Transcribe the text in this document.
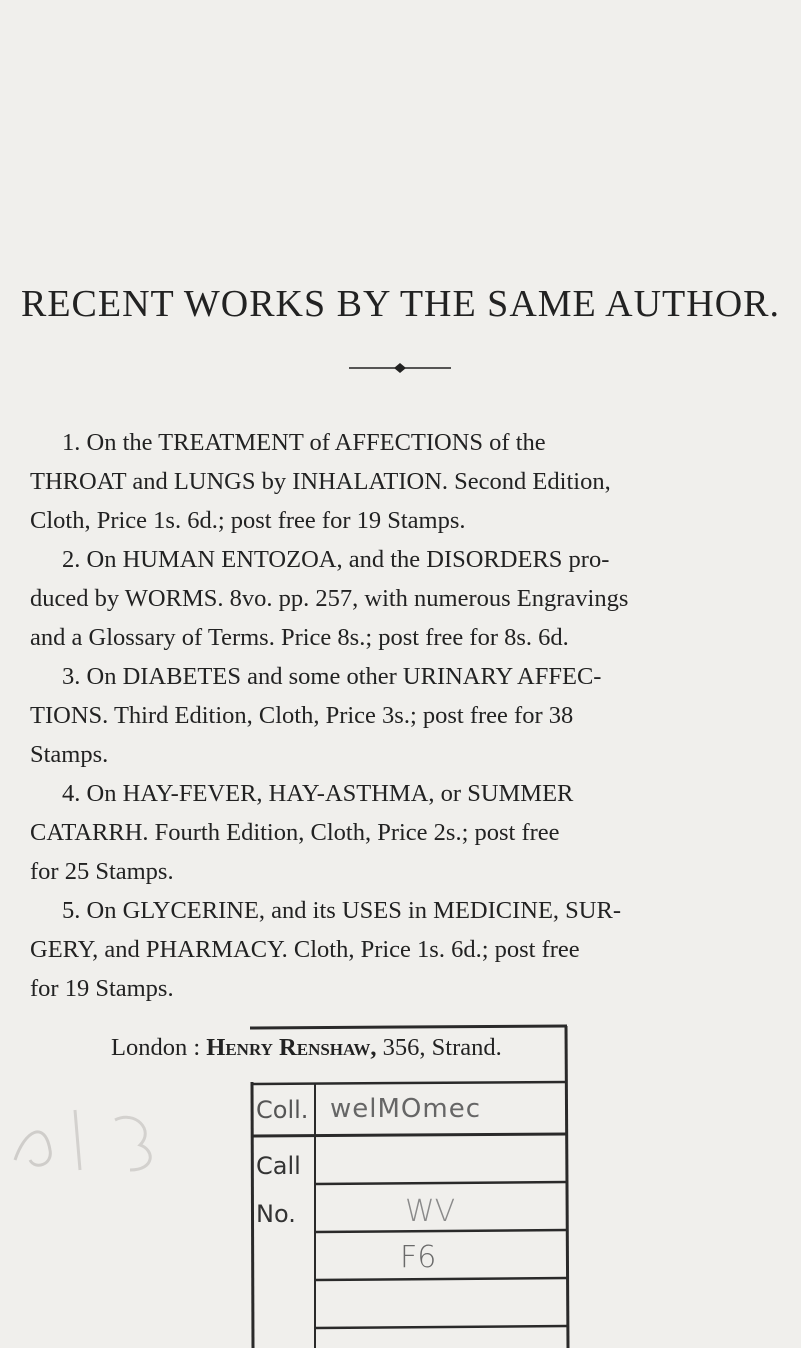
RECENT WORKS BY THE SAME AUTHOR.
1. On the TREATMENT of AFFECTIONS of the
THROAT and LUNGS by INHALATION. Second Edition,
Cloth, Price 1s. 6d.; post free for 19 Stamps.
2. On HUMAN ENTOZOA, and the DISORDERS pro-
duced by WORMS. 8vo. pp. 257, with numerous Engravings
and a Glossary of Terms. Price 8s.; post free for 8s. 6d.
3. On DIABETES and some other URINARY AFFEC-
TIONS. Third Edition, Cloth, Price 3s.; post free for 38
Stamps.
4. On HAY-FEVER, HAY-ASTHMA, or SUMMER
CATARRH. Fourth Edition, Cloth, Price 2s.; post free
for 25 Stamps.
5. On GLYCERINE, and its USES in MEDICINE, SUR-
GERY, and PHARMACY. Cloth, Price 1s. 6d.; post free
for 19 Stamps.
London : Henry Renshaw, 356, Strand.
Coll. welMOmec
Call
No.	WV
F6
